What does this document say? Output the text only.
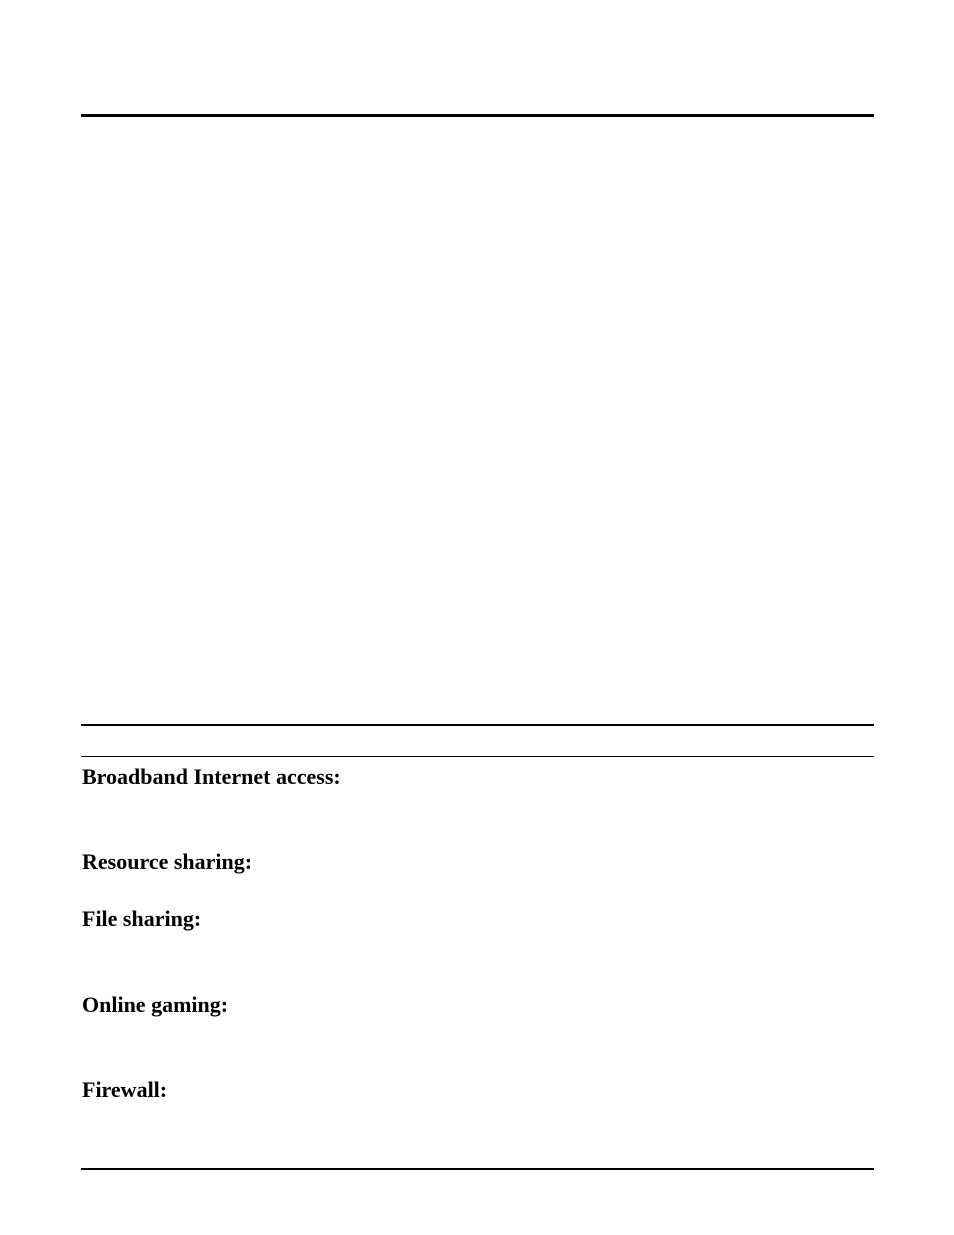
Broadband Internet access:
Resource sharing:
File sharing:
Online gaming:
Firewall:
